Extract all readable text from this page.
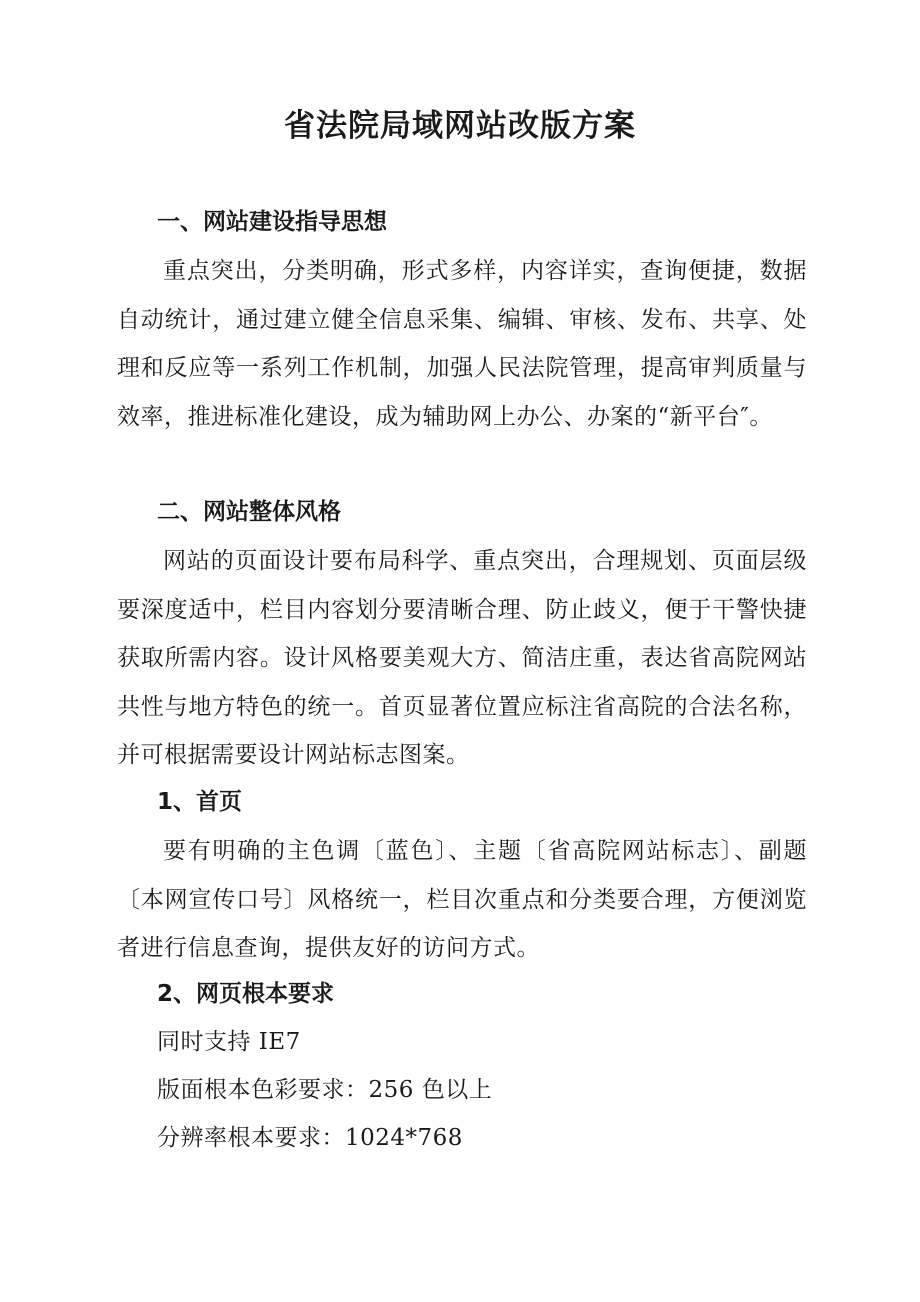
省法院局域网站改版方案
一、网站建设指导思想
重点突出，分类明确，形式多样，内容详实，查询便捷，数据自动统计，通过建立健全信息采集、编辑、审核、发布、共享、处理和反应等一系列工作机制，加强人民法院管理，提高审判质量与效率，推进标准化建设，成为辅助网上办公、办案的“新平台″。
二、网站整体风格
网站的页面设计要布局科学、重点突出，合理规划、页面层级要深度适中，栏目内容划分要清晰合理、防止歧义，便于干警快捷获取所需内容。设计风格要美观大方、简洁庄重，表达省高院网站共性与地方特色的统一。首页显著位置应标注省高院的合法名称，并可根据需要设计网站标志图案。
1、首页
要有明确的主色调〔蓝色〕、主题〔省高院网站标志〕、副题〔本网宣传口号〕风格统一，栏目次重点和分类要合理，方便浏览者进行信息查询，提供友好的访问方式。
2、网页根本要求
同时支持 IE7
版面根本色彩要求：256 色以上
分辨率根本要求：1024*768
